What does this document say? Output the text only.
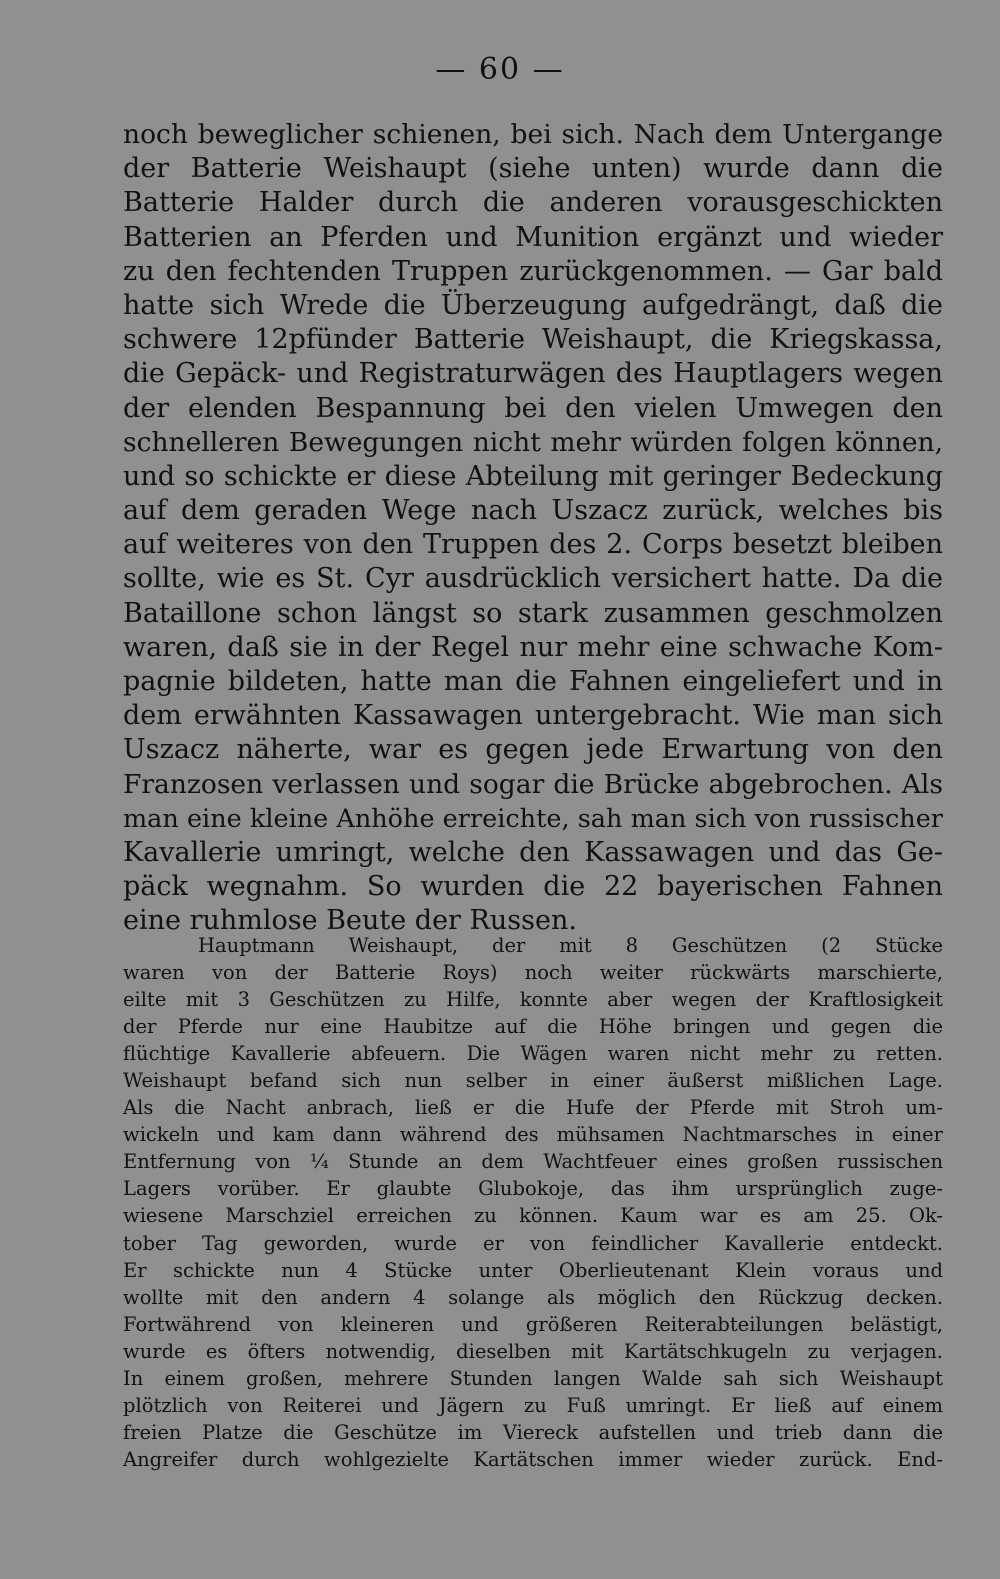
— 60 —
noch beweglicher schienen, bei sich. Nach dem Untergange
der Batterie Weishaupt (siehe unten) wurde dann die
Batterie Halder durch die anderen vorausgeschickten
Batterien an Pferden und Munition ergänzt und wieder
zu den fechtenden Truppen zurückgenommen. — Gar bald
hatte sich Wrede die Überzeugung aufgedrängt, daß die
schwere 12pfünder Batterie Weishaupt, die Kriegskassa,
die Gepäck- und Registraturwägen des Hauptlagers wegen
der elenden Bespannung bei den vielen Umwegen den
schnelleren Bewegungen nicht mehr würden folgen können,
und so schickte er diese Abteilung mit geringer Bedeckung
auf dem geraden Wege nach Uszacz zurück, welches bis
auf weiteres von den Truppen des 2. Corps besetzt bleiben
sollte, wie es St. Cyr ausdrücklich versichert hatte. Da die
Bataillone schon längst so stark zusammen geschmolzen
waren, daß sie in der Regel nur mehr eine schwache Kom-
pagnie bildeten, hatte man die Fahnen eingeliefert und in
dem erwähnten Kassawagen untergebracht. Wie man sich
Uszacz näherte, war es gegen jede Erwartung von den
Franzosen verlassen und sogar die Brücke abgebrochen. Als
man eine kleine Anhöhe erreichte, sah man sich von russischer
Kavallerie umringt, welche den Kassawagen und das Ge-
päck wegnahm. So wurden die 22 bayerischen Fahnen
eine ruhmlose Beute der Russen.
Hauptmann Weishaupt, der mit 8 Geschützen (2 Stücke
waren von der Batterie Roys) noch weiter rückwärts marschierte,
eilte mit 3 Geschützen zu Hilfe, konnte aber wegen der Kraftlosigkeit
der Pferde nur eine Haubitze auf die Höhe bringen und gegen die
flüchtige Kavallerie abfeuern. Die Wägen waren nicht mehr zu retten.
Weishaupt befand sich nun selber in einer äußerst mißlichen Lage.
Als die Nacht anbrach, ließ er die Hufe der Pferde mit Stroh um-
wickeln und kam dann während des mühsamen Nachtmarsches in einer
Entfernung von ¼ Stunde an dem Wachtfeuer eines großen russischen
Lagers vorüber. Er glaubte Glubokoje, das ihm ursprünglich zuge-
wiesene Marschziel erreichen zu können. Kaum war es am 25. Ok-
tober Tag geworden, wurde er von feindlicher Kavallerie entdeckt.
Er schickte nun 4 Stücke unter Oberlieutenant Klein voraus und
wollte mit den andern 4 solange als möglich den Rückzug decken.
Fortwährend von kleineren und größeren Reiterabteilungen belästigt,
wurde es öfters notwendig, dieselben mit Kartätschkugeln zu verjagen.
In einem großen, mehrere Stunden langen Walde sah sich Weishaupt
plötzlich von Reiterei und Jägern zu Fuß umringt. Er ließ auf einem
freien Platze die Geschütze im Viereck aufstellen und trieb dann die
Angreifer durch wohlgezielte Kartätschen immer wieder zurück. End-
